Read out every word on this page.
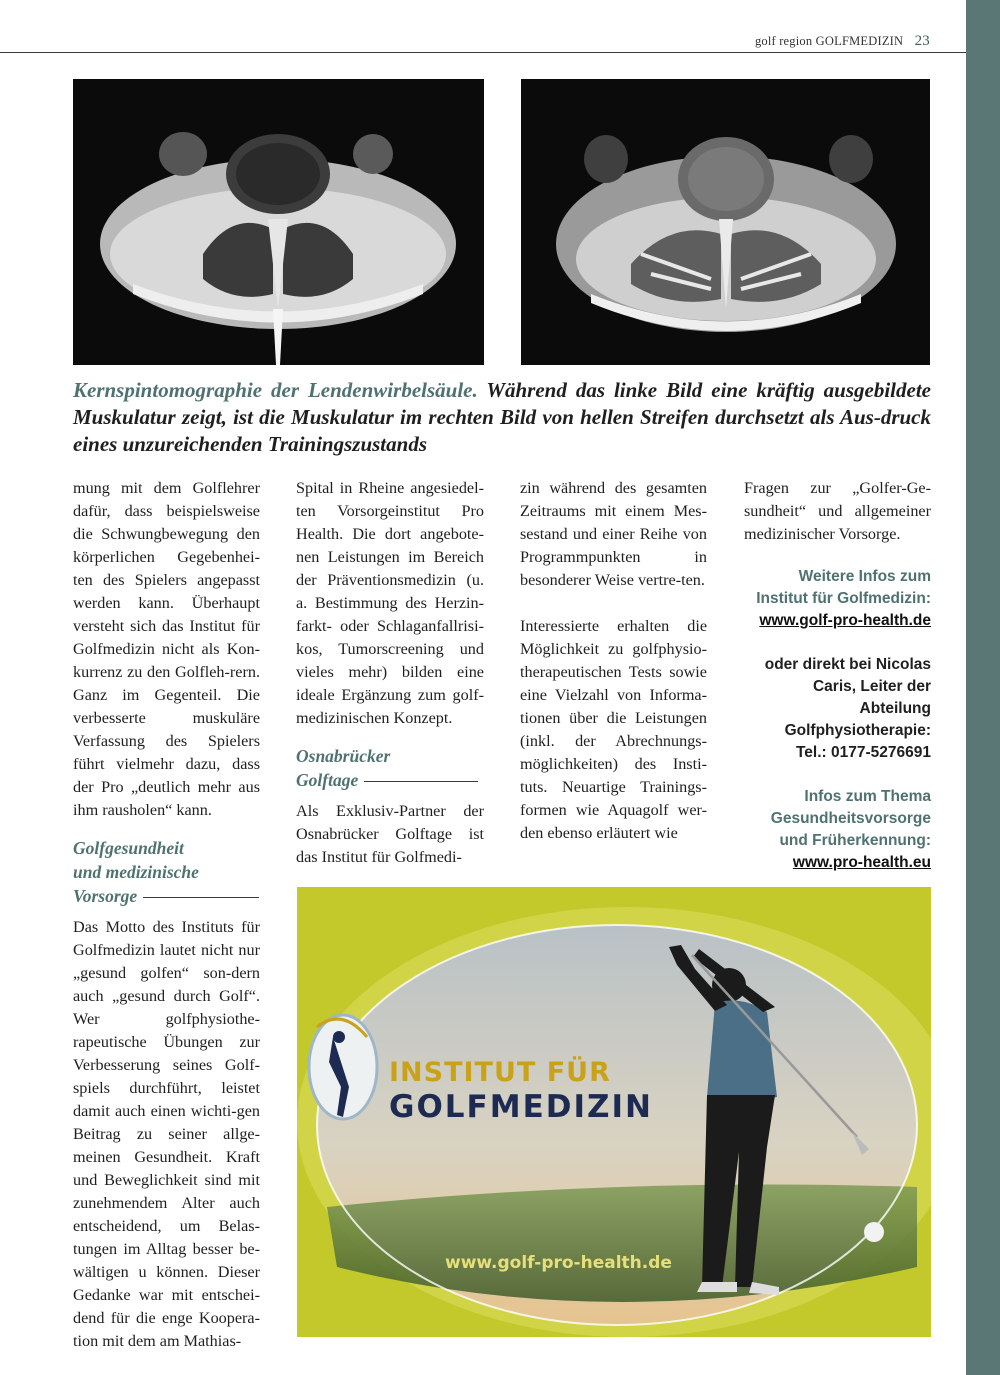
golf region GOLFMEDIZIN 23
Kernspintomographie der Lendenwirbelsäule. Während das linke Bild eine kräftig ausgebildete Muskulatur zeigt, ist die Muskulatur im rechten Bild von hellen Streifen durchsetzt als Aus-druck eines unzureichenden Trainingszustands

mung mit dem Golflehrer dafür, dass beispielsweise die Schwungbewegung den körperlichen Gegebenhei-ten des Spielers angepasst werden kann. Überhaupt versteht sich das Institut für Golfmedizin nicht als Kon-kurrenz zu den Golfleh-rern. Ganz im Gegenteil. Die verbesserte muskuläre Verfassung des Spielers führt vielmehr dazu, dass der Pro „deutlich mehr aus ihm rausholen“ kann.

Golfgesundheit
und medizinische
Vorsorge

Das Motto des Instituts für Golfmedizin lautet nicht nur „gesund golfen“ son-dern auch „gesund durch Golf“. Wer golfphysiothe-rapeutische Übungen zur Verbesserung seines Golf-spiels durchführt, leistet damit auch einen wichti-gen Beitrag zu seiner allge-meinen Gesundheit. Kraft und Beweglichkeit sind mit zunehmendem Alter auch entscheidend, um Belas-tungen im Alltag besser be-wältigen u können. Dieser Gedanke war mit entschei-dend für die enge Koopera-tion mit dem am Mathias-

Spital in Rheine angesiedel-ten Vorsorgeinstitut Pro Health. Die dort angebote-nen Leistungen im Bereich der Präventionsmedizin (u. a. Bestimmung des Herzin-farkt- oder Schlaganfallrisi-kos, Tumorscreening und vieles mehr) bilden eine ideale Ergänzung zum golf-medizinischen Konzept.

Osnabrücker
Golftage

Als Exklusiv-Partner der Osnabrücker Golftage ist das Institut für Golfmedi-

zin während des gesamten Zeitraums mit einem Mes-sestand und einer Reihe von Programmpunkten in besonderer Weise vertre-ten.

Interessierte erhalten die Möglichkeit zu golfphysio-therapeutischen Tests sowie eine Vielzahl von Informa-tionen über die Leistungen (inkl. der Abrechnungs-möglichkeiten) des Insti-tuts. Neuartige Trainings-formen wie Aquagolf wer-den ebenso erläutert wie

Fragen zur „Golfer-Ge-sundheit“ und allgemeiner medizinischer Vorsorge.

Weitere Infos zum

Institut für Golfmedizin:

www.golf-pro-health.de

oder direkt bei Nicolas

Caris, Leiter der

Abteilung

Golfphysiotherapie:

Tel.: 0177-5276691

Infos zum Thema

Gesundheitsvorsorge

und Früherkennung:

www.pro-health.eu

INSTITUT FÜR
GOLFMEDIZIN
www.golf-pro-health.de
